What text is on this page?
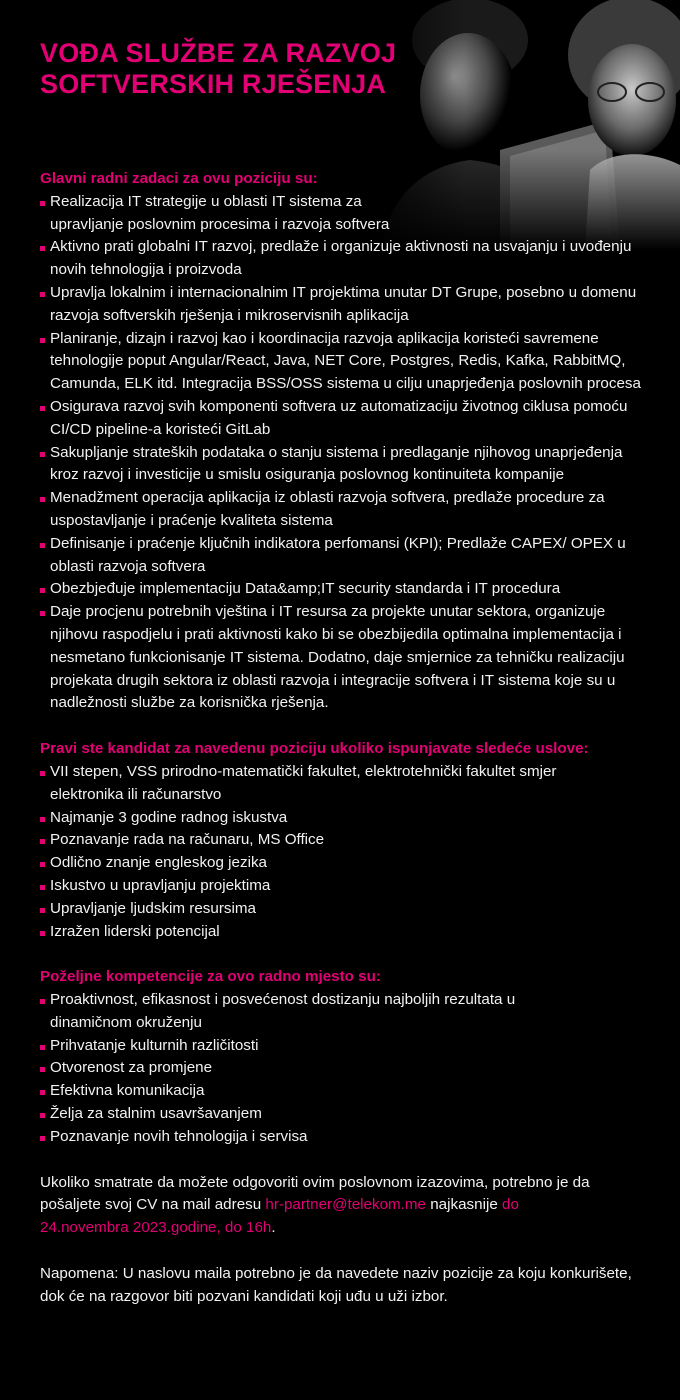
VOĐA SLUŽBE ZA RAZVOJ SOFTVERSKIH RJEŠENJA

Glavni radni zadaci za ovu poziciju su:

Realizacija IT strategije u oblasti IT sistema za upravljanje poslovnim procesima i razvoja softvera
Aktivno prati globalni IT razvoj, predlaže i organizuje aktivnosti na usvajanju i uvođenju novih tehnologija i proizvoda
Upravlja lokalnim i internacionalnim IT projektima unutar DT Grupe, posebno u domenu razvoja softverskih rješenja i mikroservisnih aplikacija
Planiranje, dizajn i razvoj kao i koordinacija razvoja aplikacija koristeći savremene tehnologije poput Angular/React, Java, NET Core, Postgres, Redis, Kafka, RabbitMQ, Camunda, ELK itd. Integracija BSS/OSS sistema u cilju unaprjeđenja poslovnih procesa
Osigurava razvoj svih komponenti softvera uz automatizaciju životnog ciklusa pomoću CI/CD pipeline-a koristeći GitLab
Sakupljanje strateških podataka o stanju sistema i predlaganje njihovog unaprjeđenja kroz razvoj i investicije u smislu osiguranja poslovnog kontinuiteta kompanije
Menadžment operacija aplikacija iz oblasti razvoja softvera, predlaže procedure za uspostavljanje i praćenje kvaliteta sistema
Definisanje i praćenje ključnih indikatora perfomansi (KPI); Predlaže CAPEX/ OPEX u oblasti razvoja softvera
Obezbjeđuje implementaciju Data&amp;IT security standarda i IT procedura
Daje procjenu potrebnih vještina i IT resursa za projekte unutar sektora, organizuje njihovu raspodjelu i prati aktivnosti kako bi se obezbijedila optimalna implementacija i nesmetano funkcionisanje IT sistema. Dodatno, daje smjernice za tehničku realizaciju projekata drugih sektora iz oblasti razvoja i integracije softvera i IT sistema koje su u nadležnosti službe za korisnička rješenja.

Pravi ste kandidat za navedenu poziciju ukoliko ispunjavate sledeće uslove:

VII stepen, VSS prirodno-matematički fakultet, elektrotehnički fakultet smjer elektronika ili računarstvo
Najmanje 3 godine radnog iskustva
Poznavanje rada na računaru, MS Office
Odlično znanje engleskog jezika
Iskustvo u upravljanju projektima
Upravljanje ljudskim resursima
Izražen liderski potencijal

Poželjne kompetencije za ovo radno mjesto su:

Proaktivnost, efikasnost i posvećenost dostizanju najboljih rezultata u dinamičnom okruženju
Prihvatanje kulturnih različitosti
Otvorenost za promjene
Efektivna komunikacija
Želja za stalnim usavršavanjem
Poznavanje novih tehnologija i servisa

Ukoliko smatrate da možete odgovoriti ovim poslovnom izazovima, potrebno je da pošaljete svoj CV na mail adresu hr-partner@telekom.me najkasnije do 24.novembra 2023.godine, do 16h.

Napomena: U naslovu maila potrebno je da navedete naziv pozicije za koju konkurišete, dok će na razgovor biti pozvani kandidati koji uđu u uži izbor.
